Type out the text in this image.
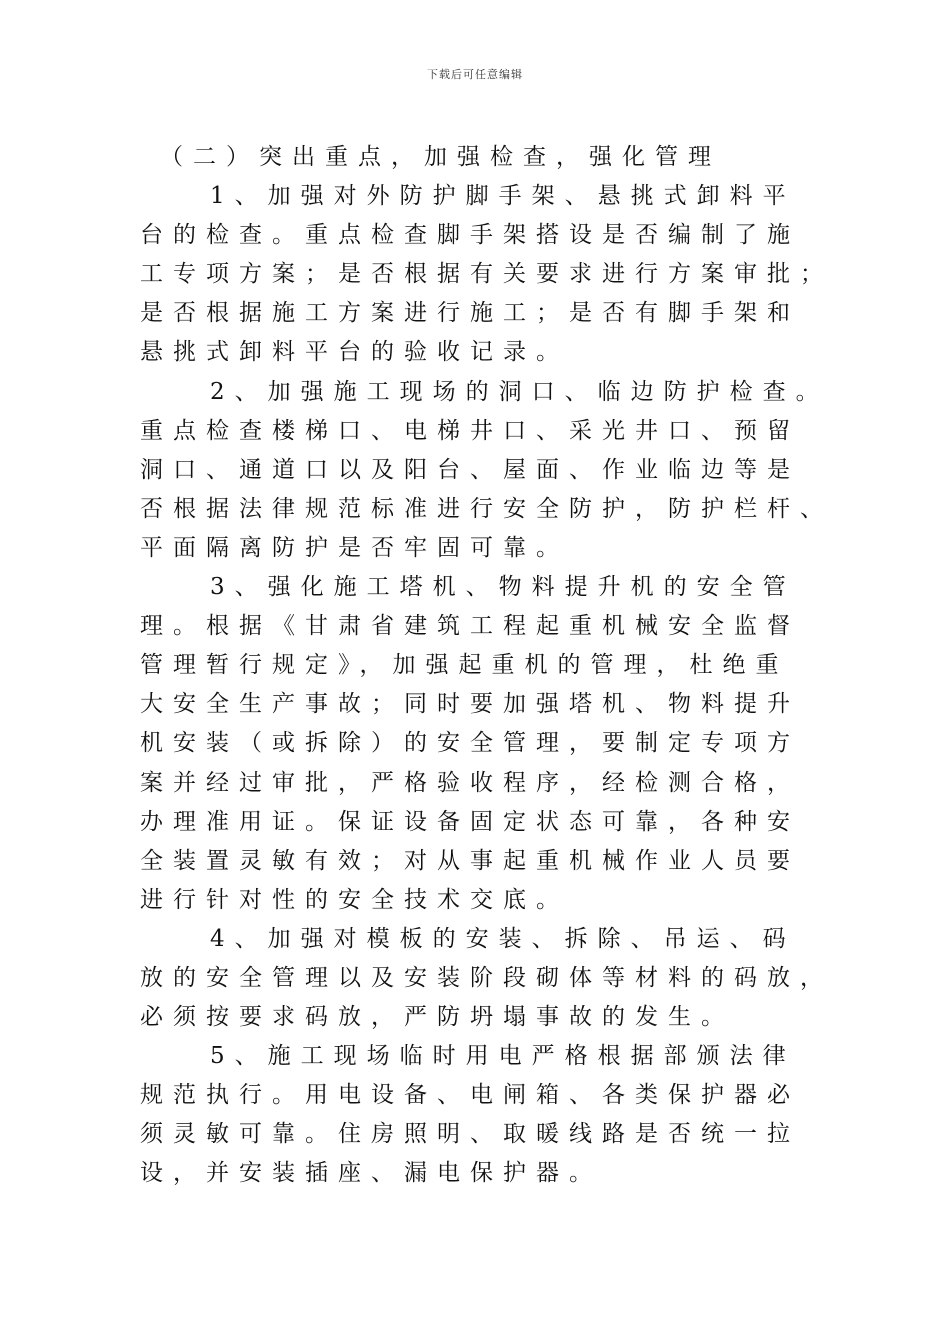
下载后可任意编辑
（二）突出重点，加强检查，强化管理
1、加强对外防护脚手架、悬挑式卸料平
台的检查。重点检查脚手架搭设是否编制了施
工专项方案；是否根据有关要求进行方案审批；
是否根据施工方案进行施工；是否有脚手架和
悬挑式卸料平台的验收记录。
2、加强施工现场的洞口、临边防护检查。
重点检查楼梯口、电梯井口、采光井口、预留
洞口、通道口以及阳台、屋面、作业临边等是
否根据法律规范标准进行安全防护，防护栏杆、
平面隔离防护是否牢固可靠。
3、强化施工塔机、物料提升机的安全管
理。根据《甘肃省建筑工程起重机械安全监督
管理暂行规定》，加强起重机的管理，杜绝重
大安全生产事故；同时要加强塔机、物料提升
机安装（或拆除）的安全管理，要制定专项方
案并经过审批，严格验收程序，经检测合格，
办理准用证。保证设备固定状态可靠，各种安
全装置灵敏有效；对从事起重机械作业人员要
进行针对性的安全技术交底。
4、加强对模板的安装、拆除、吊运、码
放的安全管理以及安装阶段砌体等材料的码放，
必须按要求码放，严防坍塌事故的发生。
5、施工现场临时用电严格根据部颁法律
规范执行。用电设备、电闸箱、各类保护器必
须灵敏可靠。住房照明、取暖线路是否统一拉
设，并安装插座、漏电保护器。
